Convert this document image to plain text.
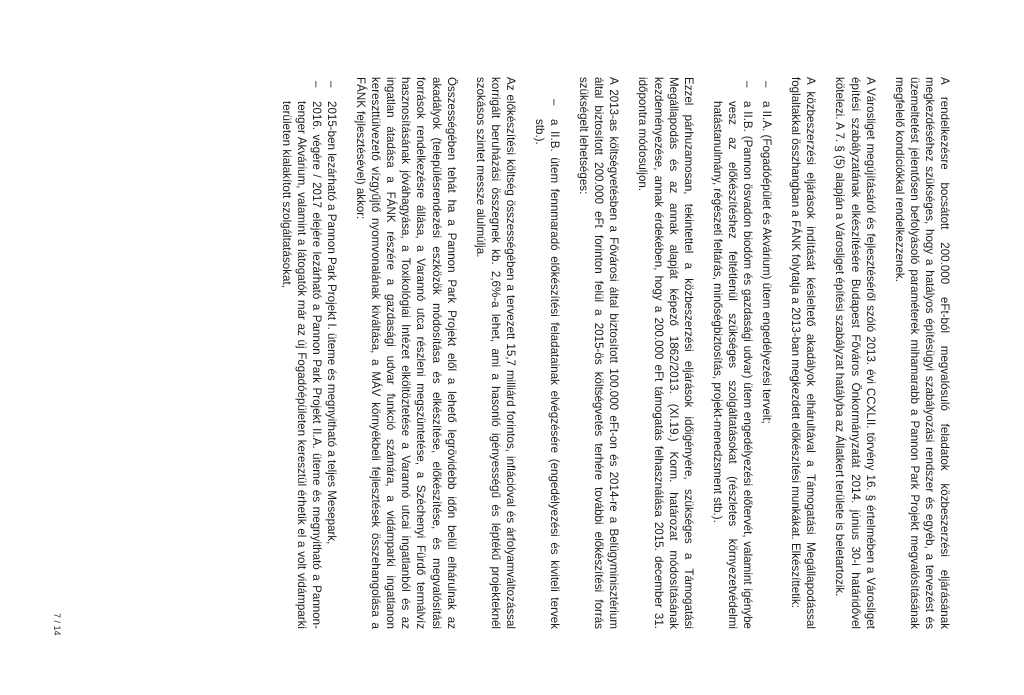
A rendelkezésre bocsátott 200.000 eFt-ból megvalósuló feladatok közbeszerzési eljárásának megkezdéséhez szükséges, hogy a hatályos építésügyi szabályozási rendszer és egyéb, a tervezést és üzemeltetést jelentősen befolyásoló paraméterek mihamarabb a Pannon Park Projekt megvalósításának megfelelő kondíciókkal rendelkezzenek.

A Városliget megújításáról és fejlesztéséről szóló 2013. évi CCXLII. törvény 16. § értelmében a Városliget építési szabályzatának elkészítésére Budapest Főváros Önkormányzatát 2014. június 30-i határidővel kötelezi. A 7. § (5) alapján a Városliget építési szabályzat hatályba az Állatkert területe is beletartozik.

A közbeszerzési eljárások indítását késleltető akadályok elhárultával a Támogatási Megállapodással foglaltakkal összhangban a FÁNK folytatja a 2013-ban megkezdett előkészítési munkákat. Elkészíttetik:

– a II.A. (Fogadóépület és Akvárium) ütem engedélyezési terveit;
– a II.B. (Pannon ösvadon biodóm és gazdasági udvar) ütem engedélyezési előtervét, valamint igénybe vesz az előkészítéshez feltétlenül szükséges szolgáltatásokat (részletes környezetvédelmi hatástanulmány, régészeti feltárás, minőségbiztosítás, projekt-menedzsment stb.).

Ezzel párhuzamosan, tekintettel a közbeszerzési eljárások időigényére, szükséges a Támogatási Megállapodás és az annak alapját képező 1862/2013. (XI.19.) Korm. határozat módosításának kezdeményezése, annak érdekében, hogy a 200.000 eFt támogatás felhasználása 2015. december 31. időpontra módosuljon.

A 2013-as költségvetésben a Fővárosi által biztosított 100.000 eFt-on és 2014-re a Belügyminisztérium által biztosított 200.000 eFt forinton felül a 2015-ös költségvetés terhére további előkészítési forrás szükségelt lehetséges:

– a II.B. ütem fennmaradó előkészítési feladatainak elvégzésére (engedélyezési és kiviteli tervek stb.).

Az előkészítési költség összességében a tervezett 15,7 milliárd forintos, inflációval és árfolyamváltozással korrigált beruházási összegnek kb. 2,6%-a lehet, ami a hasonló igényességű és léptékű projekteknél szokásos szintet messze alulmúlja.

Összességében tehát ha a Pannon Park Projekt elől a lehető legrövidebb időn belül elhárulnak az akadályok (településrendezési eszközök módosítása és elkészítése, előkészítése, és megvalósítási források rendelkezésre állása, a Varannó utca részleni megszüntetése, a Széchenyi Fürdő termálvíz hasznosításának jóváhagyása, a Toxikológiai Intézet elköltöztetése a Varannó utcai ingatlanból és az ingatlan átadása a FÁNK részére a gazdasági udvar funkció számára, a vidámparki ingatlanon kereszttülvezető vízgyűjtő nyomvonalának kiváltása, a MÁV környékbeli fejlesztések összehangolása a FÁNK fejlesztésével) akkor:

– 2015-ben lezárható a Pannon Park Projekt I. üteme és megnyitható a teljes Mesepark,
– 2016. végére / 2017 elejére lezárható a Pannon Park Projekt II.A. üteme és megnyitható a Pannon-tenger Akvárium, valamint a látogatók már az új Fogadóépületen keresztül érhetik el a volt vidámparki területen kialakított szolgáltatásokat,
7 / 14
